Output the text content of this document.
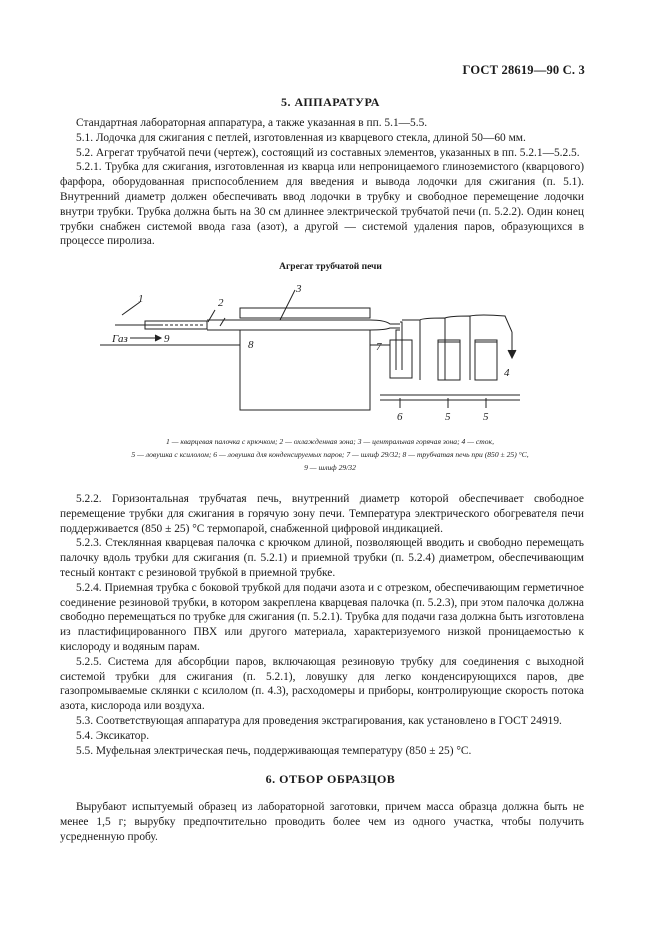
ГОСТ 28619—90 С. 3
5. АППАРАТУРА

Стандартная лабораторная аппаратура, а также указанная в пп. 5.1—5.5.

5.1. Лодочка для сжигания с петлей, изготовленная из кварцевого стекла, длиной 50—60 мм.

5.2. Агрегат трубчатой печи (чертеж), состоящий из составных элементов, указанных в пп. 5.2.1—5.2.5.

5.2.1. Трубка для сжигания, изготовленная из кварца или непроницаемого глиноземистого (кварцового) фарфора, оборудованная приспособлением для введения и вывода лодочки для сжигания (п. 5.1). Внутренний диаметр должен обеспечивать ввод лодочки в трубку и свободное перемещение лодочки внутри трубки. Трубка должна быть на 30 см длиннее электрической трубчатой печи (п. 5.2.2). Один конец трубки снабжен системой ввода газа (азот), а другой — системой удаления паров, образующихся в процессе пиролиза.

Агрегат трубчатой печи
1	2
3
4
5	5
6
7
8
9
Газ
1 — кварцевая палочка с крючком; 2 — охлажденная зона; 3 — центральная горячая зона; 4 — сток,
5 — ловушка с ксилолом; 6 — ловушка для конденсируемых паров; 7 — шлиф 29/32; 8 — трубчатая печь при (850 ± 25) °С,
9 — шлиф 29/32

5.2.2. Горизонтальная трубчатая печь, внутренний диаметр которой обеспечивает свободное перемещение трубки для сжигания в горячую зону печи. Температура электрического обогревателя печи поддерживается (850 ± 25) °С термопарой, снабженной цифровой индикацией.

5.2.3. Стеклянная кварцевая палочка с крючком длиной, позволяющей вводить и свободно перемещать палочку вдоль трубки для сжигания (п. 5.2.1) и приемной трубки (п. 5.2.4) диаметром, обеспечивающим тесный контакт с резиновой трубкой в приемной трубке.

5.2.4. Приемная трубка с боковой трубкой для подачи азота и с отрезком, обеспечивающим герметичное соединение резиновой трубки, в котором закреплена кварцевая палочка (п. 5.2.3), при этом палочка должна свободно перемещаться по трубке для сжигания (п. 5.2.1). Трубка для подачи газа должна быть изготовлена из пластифицированного ПВХ или другого материала, характеризуемого низкой проницаемостью к кислороду и водяным парам.

5.2.5. Система для абсорбции паров, включающая резиновую трубку для соединения с выходной системой трубки для сжигания (п. 5.2.1), ловушку для легко конденсирующихся паров, две газопромываемые склянки с ксилолом (п. 4.3), расходомеры и приборы, контролирующие скорость потока азота, кислорода или воздуха.

5.3. Соответствующая аппаратура для проведения экстрагирования, как установлено в ГОСТ 24919.

5.4. Эксикатор.

5.5. Муфельная электрическая печь, поддерживающая температуру (850 ± 25) °С.

6. ОТБОР ОБРАЗЦОВ

Вырубают испытуемый образец из лабораторной заготовки, причем масса образца должна быть не менее 1,5 г; вырубку предпочтительно проводить более чем из одного участка, чтобы получить усредненную пробу.
